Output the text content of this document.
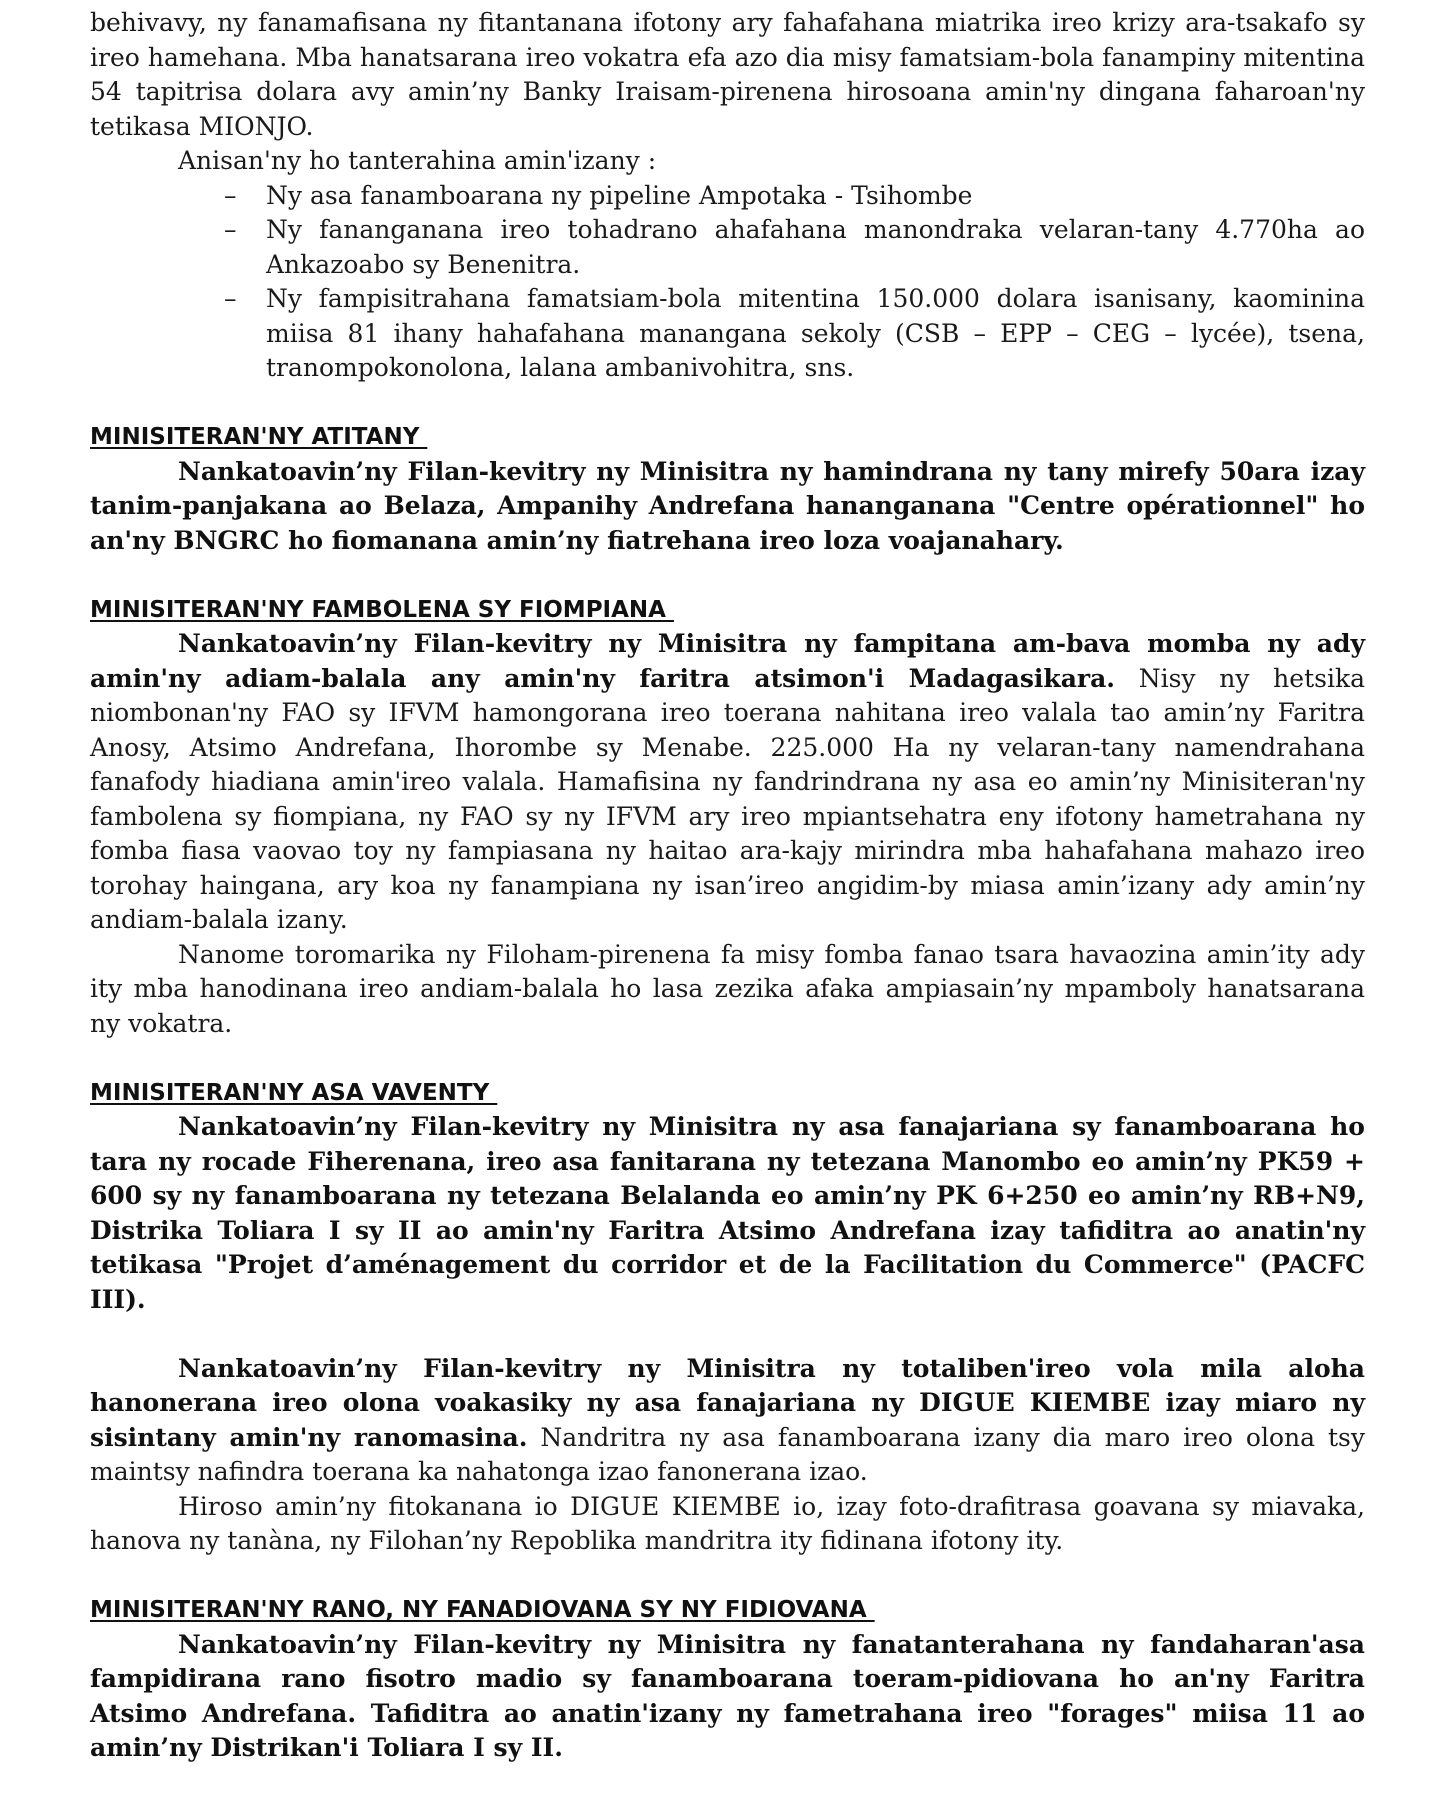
behivavy, ny fanamafisana ny fitantanana ifotony ary fahafahana miatrika ireo krizy ara-tsakafo sy ireo hamehana. Mba hanatsarana ireo vokatra efa azo dia misy famatsiam-bola fanampiny mitentina 54 tapitrisa dolara avy amin’ny Banky Iraisam-pirenena hirosoana amin'ny dingana faharoan'ny tetikasa MIONJO.

Anisan'ny ho tanterahina amin'izany :

– Ny asa fanamboarana ny pipeline Ampotaka - Tsihombe
– Ny fananganana ireo tohadrano ahafahana manondraka velaran-tany 4.770ha ao Ankazoabo sy Benenitra.
– Ny fampisitrahana famatsiam-bola mitentina 150.000 dolara isanisany, kaominina miisa 81 ihany hahafahana manangana sekoly (CSB – EPP – CEG – lycée), tsena, tranompokonolona, lalana ambanivohitra, sns.

MINISITERAN'NY ATITANY

Nankatoavin’ny Filan-kevitry ny Minisitra ny hamindrana ny tany mirefy 50ara izay tanim-panjakana ao Belaza, Ampanihy Andrefana hananganana "Centre opérationnel" ho an'ny BNGRC ho fiomanana amin’ny fiatrehana ireo loza voajanahary.

MINISITERAN'NY FAMBOLENA SY FIOMPIANA

Nankatoavin’ny Filan-kevitry ny Minisitra ny fampitana am-bava momba ny ady amin'ny adiam-balala any amin'ny faritra atsimon'i Madagasikara. Nisy ny hetsika niombonan'ny FAO sy IFVM hamongorana ireo toerana nahitana ireo valala tao amin’ny Faritra Anosy, Atsimo Andrefana, Ihorombe sy Menabe. 225.000 Ha ny velaran-tany namendrahana fanafody hiadiana amin'ireo valala. Hamafisina ny fandrindrana ny asa eo amin’ny Minisiteran'ny fambolena sy fiompiana, ny FAO sy ny IFVM ary ireo mpiantsehatra eny ifotony hametrahana ny fomba fiasa vaovao toy ny fampiasana ny haitao ara-kajy mirindra mba hahafahana mahazo ireo torohay haingana, ary koa ny fanampiana ny isan’ireo angidim-by miasa amin’izany ady amin’ny andiam-balala izany.

Nanome toromarika ny Filoham-pirenena fa misy fomba fanao tsara havaozina amin’ity ady ity mba hanodinana ireo andiam-balala ho lasa zezika afaka ampiasain’ny mpamboly hanatsarana ny vokatra.

MINISITERAN'NY ASA VAVENTY

Nankatoavin’ny Filan-kevitry ny Minisitra ny asa fanajariana sy fanamboarana ho tara ny rocade Fiherenana, ireo asa fanitarana ny tetezana Manombo eo amin’ny PK59 + 600 sy ny fanamboarana ny tetezana Belalanda eo amin’ny PK 6+250 eo amin’ny RB+N9, Distrika Toliara I sy II ao amin'ny Faritra Atsimo Andrefana izay tafiditra ao anatin'ny tetikasa "Projet d’aménagement du corridor et de la Facilitation du Commerce" (PACFC III).

Nankatoavin’ny Filan-kevitry ny Minisitra ny totaliben'ireo vola mila aloha hanonerana ireo olona voakasiky ny asa fanajariana ny DIGUE KIEMBE izay miaro ny sisintany amin'ny ranomasina. Nandritra ny asa fanamboarana izany dia maro ireo olona tsy maintsy nafindra toerana ka nahatonga izao fanonerana izao.

Hiroso amin’ny fitokanana io DIGUE KIEMBE io, izay foto-drafitrasa goavana sy miavaka, hanova ny tanàna, ny Filohan’ny Repoblika mandritra ity fidinana ifotony ity.

MINISITERAN'NY RANO, NY FANADIOVANA SY NY FIDIOVANA

Nankatoavin’ny Filan-kevitry ny Minisitra ny fanatanterahana ny fandaharan'asa fampidirana rano fisotro madio sy fanamboarana toeram-pidiovana ho an'ny Faritra Atsimo Andrefana. Tafiditra ao anatin'izany ny fametrahana ireo "forages" miisa 11 ao amin’ny Distrikan'i Toliara I sy II.
